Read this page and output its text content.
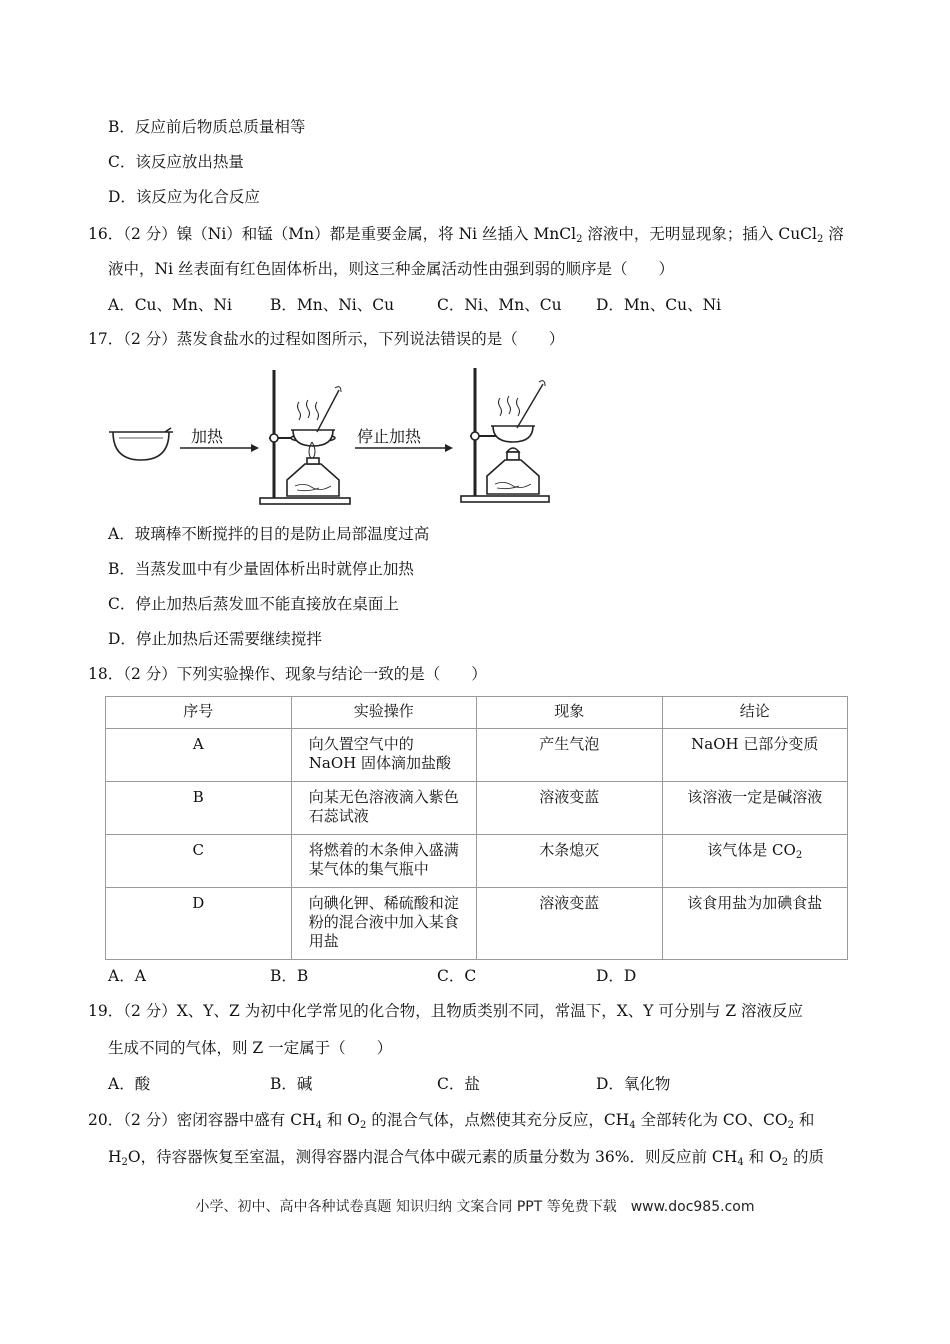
B．反应前后物质总质量相等
C．该反应放出热量
D．该反应为化合反应
16．（2 分）镍（Ni）和锰（Mn）都是重要金属，将 Ni 丝插入 MnCl$_2$ 溶液中，无明显现象；插入 CuCl$_2$ 溶
液中，Ni 丝表面有红色固体析出，则这三种金属活动性由强到弱的顺序是（　　）
A．Cu、Mn、Ni B．Mn、Ni、Cu	C．Ni、Mn、Cu D．Mn、Cu、Ni
17．（2 分）蒸发食盐水的过程如图所示，下列说法错误的是（　　）
加热	停止加热
A．玻璃棒不断搅拌的目的是防止局部温度过高
B．当蒸发皿中有少量固体析出时就停止加热
C．停止加热后蒸发皿不能直接放在桌面上
D．停止加热后还需要继续搅拌
18．（2 分）下列实验操作、现象与结论一致的是（　　）
序号	实验操作	现象	结论
A	向久置空气中的 NaOH 固体滴加盐酸	产生气泡	NaOH 已部分变质
B	向某无色溶液滴入紫色石蕊试液	溶液变蓝	该溶液一定是碱溶液
C	将燃着的木条伸入盛满某气体的集气瓶中	木条熄灭	该气体是 $CO_2$
D	向碘化钾、稀硫酸和淀粉的混合液中加入某食用盐	溶液变蓝	该食用盐为加碘食盐
A．A	B．B	C．C	D．D
19．（2 分）X、Y、Z 为初中化学常见的化合物，且物质类别不同，常温下，X、Y 可分别与 Z 溶液反应
生成不同的气体，则 Z 一定属于（　　）
A．酸	B．碱	C．盐	D．氧化物
20．（2 分）密闭容器中盛有 $CH_4$ 和 $O_2$ 的混合气体，点燃使其充分反应，$CH_4$ 全部转化为 CO、$CO_2$ 和
$H_2O$，待容器恢复至室温，测得容器内混合气体中碳元素的质量分数为 36%．则反应前 $CH_4$ 和 $O_2$ 的质
小学、初中、高中各种试卷真题 知识归纳 文案合同 PPT 等免费下载　www.doc985.com
